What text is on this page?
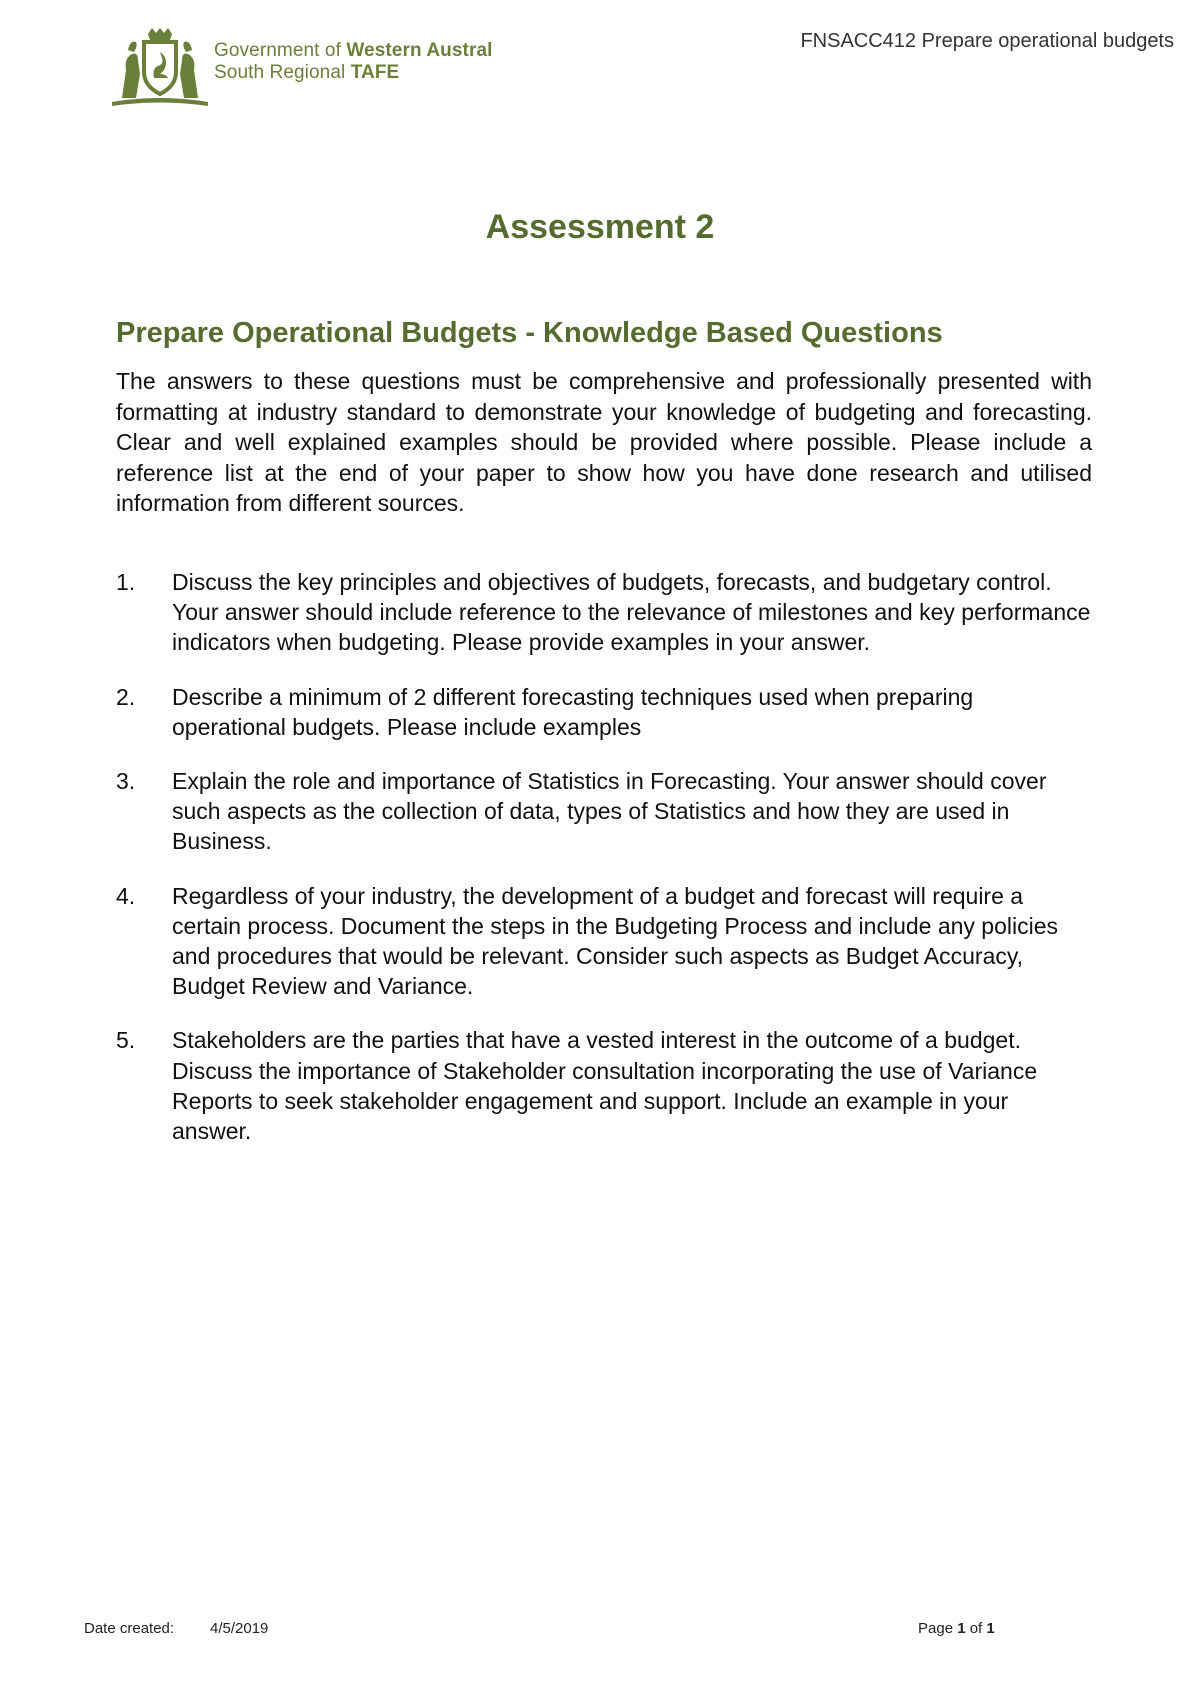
Government of Western Austral
South Regional TAFE
FNSACC412 Prepare operational budgets
Assessment 2
Prepare Operational Budgets - Knowledge Based Questions
The answers to these questions must be comprehensive and professionally presented with formatting at industry standard to demonstrate your knowledge of budgeting and forecasting. Clear and well explained examples should be provided where possible. Please include a reference list at the end of your paper to show how you have done research and utilised information from different sources.
1. Discuss the key principles and objectives of budgets, forecasts, and budgetary control. Your answer should include reference to the relevance of milestones and key performance indicators when budgeting. Please provide examples in your answer.
2. Describe a minimum of 2 different forecasting techniques used when preparing operational budgets. Please include examples
3. Explain the role and importance of Statistics in Forecasting. Your answer should cover such aspects as the collection of data, types of Statistics and how they are used in Business.
4. Regardless of your industry, the development of a budget and forecast will require a certain process. Document the steps in the Budgeting Process and include any policies and procedures that would be relevant. Consider such aspects as Budget Accuracy, Budget Review and Variance.
5. Stakeholders are the parties that have a vested interest in the outcome of a budget. Discuss the importance of Stakeholder consultation incorporating the use of Variance Reports to seek stakeholder engagement and support. Include an example in your answer.
Date created: 4/5/2019	Page 1 of 1
